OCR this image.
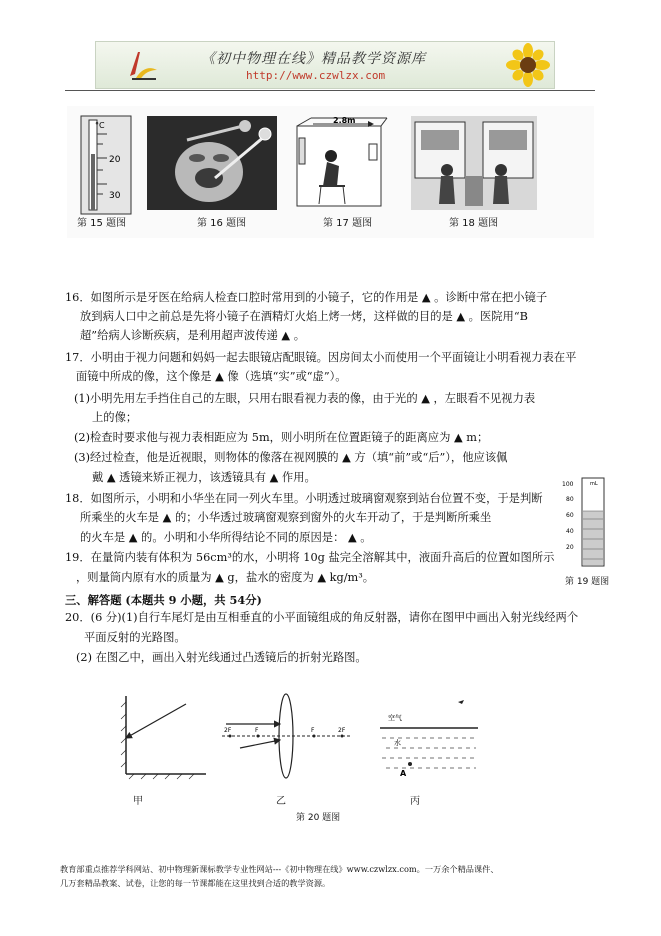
《初中物理在线》精品教学资源库
http://www.czwlzx.com
°C
20
30
第 15 题图	第 16 题图
2.8m
第 17 题图	第 18 题图
16．如图所示是牙医在给病人检查口腔时常用到的小镜子，它的作用是 ▲ 。诊断中常在把小镜子
放到病人口中之前总是先将小镜子在酒精灯火焰上烤一烤，这样做的目的是 ▲ 。医院用“B
超”给病人诊断疾病，是利用超声波传递 ▲ 。
17．小明由于视力问题和妈妈一起去眼镜店配眼镜。因房间太小而使用一个平面镜让小明看视力表在平
面镜中所成的像，这个像是 ▲ 像（选填“实”或“虚”）。
(1)小明先用左手挡住自己的左眼，只用右眼看视力表的像，由于光的 ▲ ，左眼看不见视力表
上的像；
(2)检查时要求他与视力表相距应为 5m，则小明所在位置距镜子的距离应为 ▲ m；
(3)经过检查，他是近视眼，则物体的像落在视网膜的 ▲ 方（填“前”或“后”），他应该佩
戴 ▲ 透镜来矫正视力，该透镜具有 ▲ 作用。
18．如图所示，小明和小华坐在同一列火车里。小明透过玻璃窗观察到站台位置不变，于是判断
所乘坐的火车是 ▲ 的；小华透过玻璃窗观察到窗外的火车开动了，于是判断所乘坐
的火车是 ▲ 的。小明和小华所得结论不同的原因是： ▲ 。
19．在量筒内装有体积为 56cm³的水，小明将 10g 盐完全溶解其中，液面升高后的位置如图所示
，则量筒内原有水的质量为 ▲ g，盐水的密度为 ▲ kg/m³。
mL
100
80
60
40
20
第 19 题图
三、解答题 (本题共 9 小题，共 54分)
20．(6 分)(1)自行车尾灯是由互相垂直的小平面镜组成的角反射器，请你在图甲中画出入射光线经两个
平面反射的光路图。
(2) 在图乙中，画出入射光线通过凸透镜后的折射光路图。
2F	F	F	2F
空气
水
A
甲	乙	丙
第 20 题图
教育部重点推荐学科网站、初中物理新课标教学专业性网站---《初中物理在线》www.czwlzx.com。一万余个精品课件、
几万套精品教案、试卷，让您的每一节课都能在这里找到合适的教学资源。
